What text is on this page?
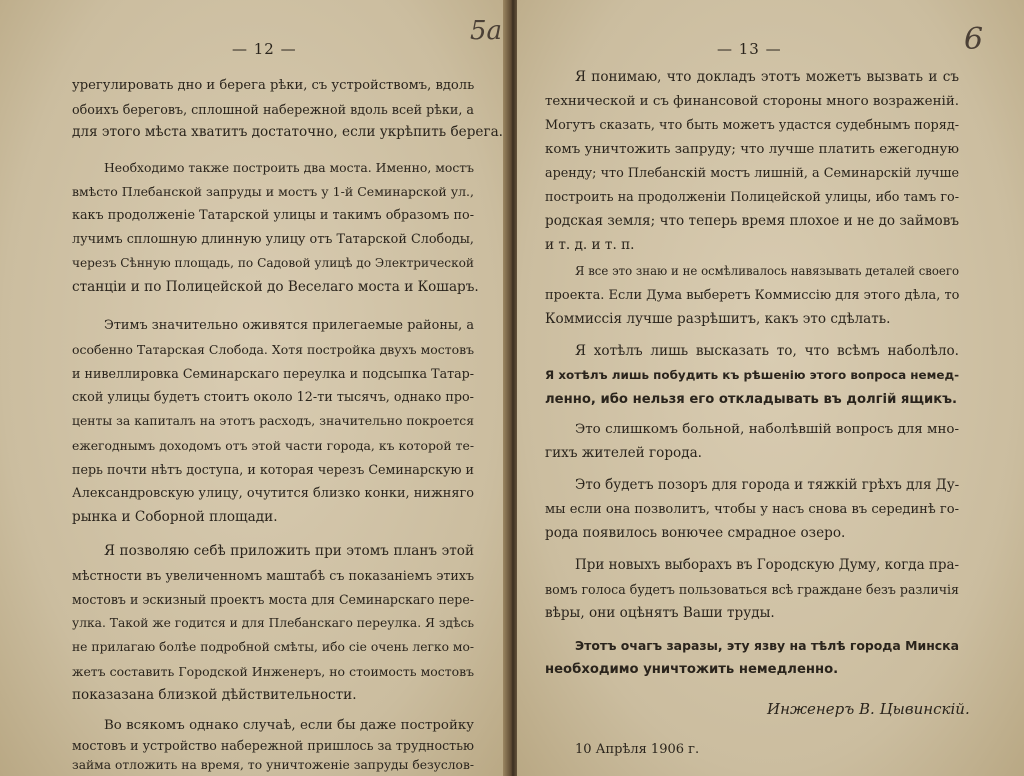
— 12 —
5a
урегулировать дно и берега рѣки, съ устройствомъ, вдоль
обоихъ береговъ, сплошной набережной вдоль всей рѣки, а
для этого мѣста хватитъ достаточно, если укрѣпить берега.
Необходимо также построить два моста. Именно, мостъ
вмѣсто Плебанской запруды и мостъ у 1-й Семинарской ул.,
какъ продолженіе Татарской улицы и такимъ образомъ по-
лучимъ сплошную длинную улицу отъ Татарской Слободы,
черезъ Сѣнную площадь, по Садовой улицѣ до Электрической
станціи и по Полицейской до Веселаго моста и Кошаръ.
Этимъ значительно оживятся прилегаемые районы, а
особенно Татарская Слобода. Хотя постройка двухъ мостовъ
и нивеллировка Семинарскаго переулка и подсыпка Татар-
ской улицы будетъ стоитъ около 12-ти тысячъ, однако про-
центы за капиталъ на этотъ расходъ, значительно покроется
ежегоднымъ доходомъ отъ этой части города, къ которой те-
перь почти нѣтъ доступа, и которая черезъ Семинарскую и
Александровскую улицу, очутится близко конки, нижняго
рынка и Соборной площади.
Я позволяю себѣ приложить при этомъ планъ этой
мѣстности въ увеличенномъ маштабѣ съ показаніемъ этихъ
мостовъ и эскизный проектъ моста для Семинарскаго пере-
улка. Такой же годится и для Плебанскаго переулка. Я здѣсь
не прилагаю болѣе подробной смѣты, ибо сіе очень легко мо-
жетъ составить Городской Инженеръ, но стоимость мостовъ
показазана близкой дѣйствительности.
Во всякомъ однако случаѣ, если бы даже постройку
мостовъ и устройство набережной пришлось за трудностью
займа отложить на время, то уничтоженіе запруды безуслов-
— 13 —	6
Я понимаю, что докладъ этотъ можетъ вызвать и съ
технической и съ финансовой стороны много возраженій.
Могутъ сказать, что быть можетъ удастся судебнымъ поряд-
комъ уничтожить запруду; что лучше платить ежегодную
аренду; что Плебанскій мостъ лишній, а Семинарскій лучше
построить на продолженіи Полицейской улицы, ибо тамъ го-
родская земля; что теперь время плохое и не до займовъ
и т. д. и т. п.
Я все это знаю и не осмѣливалось навязывать деталей своего
проекта. Если Дума выберетъ Коммиссію для этого дѣла, то
Коммиссія лучше разрѣшитъ, какъ это сдѣлать.
Я хотѣлъ лишь высказать то, что всѣмъ наболѣло.
Я хотѣлъ лишь побудить къ рѣшенію этого вопроса немед-
ленно, ибо нельзя его откладывать въ долгій ящикъ.
Это слишкомъ больной, наболѣвшій вопросъ для мно-
гихъ жителей города.
Это будетъ позоръ для города и тяжкій грѣхъ для Ду-
мы если она позволитъ, чтобы у насъ снова въ серединѣ го-
рода появилось вонючее смрадное озеро.
При новыхъ выборахъ въ Городскую Думу, когда пра-
вомъ голоса будетъ пользоваться всѣ граждане безъ различія
вѣры, они оцѣнятъ Ваши труды.
Этотъ очагъ заразы, эту язву на тѣлѣ города Минска
необходимо уничтожить немедленно.
Инженеръ В. Цывинскій.
10 Апрѣля 1906 г.
